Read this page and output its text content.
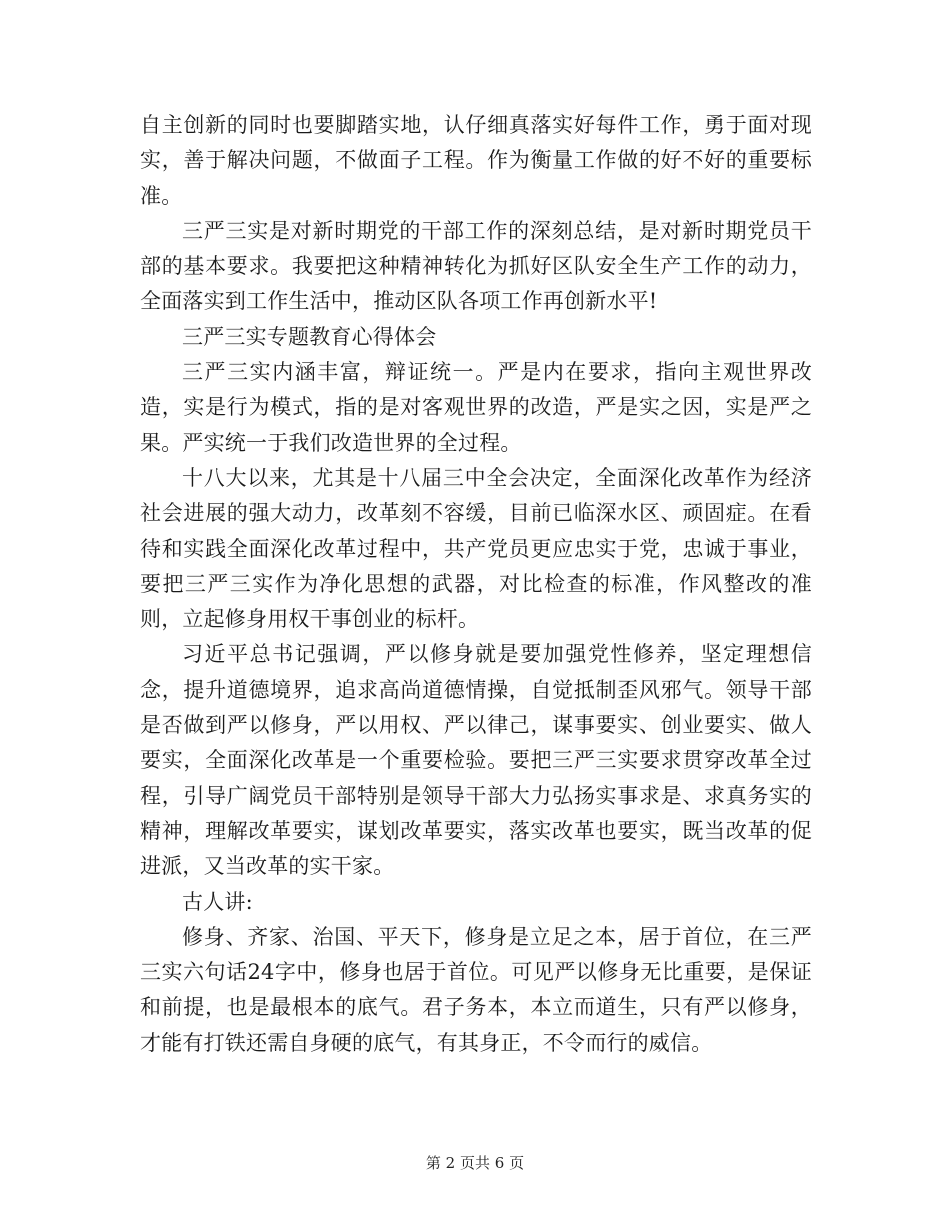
自主创新的同时也要脚踏实地，认仔细真落实好每件工作，勇于面对现实，善于解决问题，不做面子工程。作为衡量工作做的好不好的重要标准。

三严三实是对新时期党的干部工作的深刻总结，是对新时期党员干部的基本要求。我要把这种精神转化为抓好区队安全生产工作的动力，全面落实到工作生活中，推动区队各项工作再创新水平!

三严三实专题教育心得体会

三严三实内涵丰富，辩证统一。严是内在要求，指向主观世界改造，实是行为模式，指的是对客观世界的改造，严是实之因，实是严之果。严实统一于我们改造世界的全过程。

十八大以来，尤其是十八届三中全会决定，全面深化改革作为经济社会进展的强大动力，改革刻不容缓，目前已临深水区、顽固症。在看待和实践全面深化改革过程中，共产党员更应忠实于党，忠诚于事业，要把三严三实作为净化思想的武器，对比检查的标准，作风整改的准则，立起修身用权干事创业的标杆。

习近平总书记强调，严以修身就是要加强党性修养，坚定理想信念，提升道德境界，追求高尚道德情操，自觉抵制歪风邪气。领导干部是否做到严以修身，严以用权、严以律己，谋事要实、创业要实、做人要实，全面深化改革是一个重要检验。要把三严三实要求贯穿改革全过程，引导广阔党员干部特别是领导干部大力弘扬实事求是、求真务实的精神，理解改革要实，谋划改革要实，落实改革也要实，既当改革的促进派，又当改革的实干家。

古人讲:

修身、齐家、治国、平天下，修身是立足之本，居于首位，在三严三实六句话24字中，修身也居于首位。可见严以修身无比重要，是保证和前提，也是最根本的底气。君子务本，本立而道生，只有严以修身，才能有打铁还需自身硬的底气，有其身正，不令而行的威信。

第 2 页共 6 页
